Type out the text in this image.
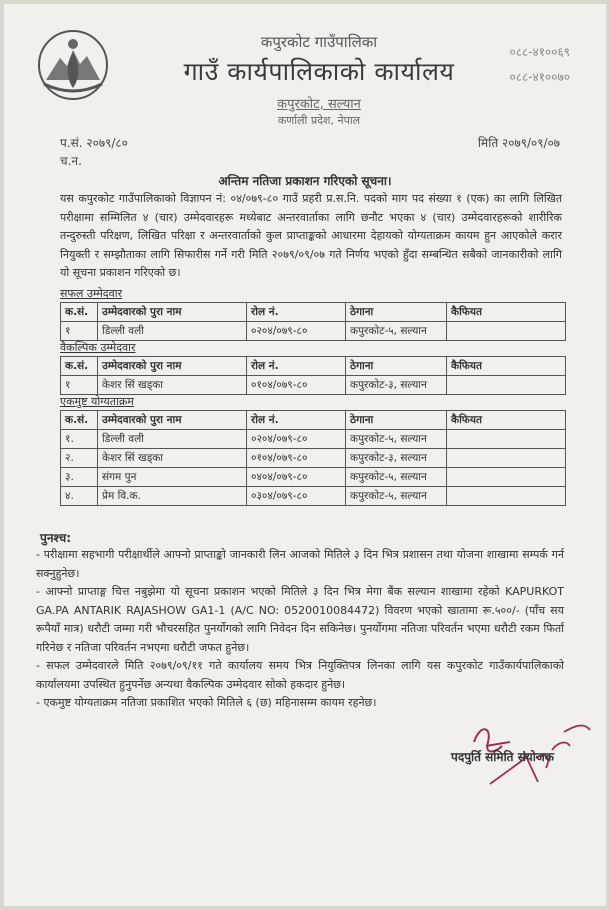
कपुरकोट गाउँपालिका
गाउँ कार्यपालिकाको कार्यालय
कपुरकोट, सल्यान
कर्णाली प्रदेश, नेपाल
०८८-४१००६९
०८८-४१००७०
प.सं. २०७९/८०
च.न.
मिति २०७९/०९/०७
अन्तिम नतिजा प्रकाशन गरिएको सूचना।
यस कपुरकोट गाउँपालिकाको विज्ञापन नं: ०४/०७९-८० गाउँ प्रहरी प्र.स.नि. पदको माग पद संख्या १ (एक) का लागि लिखित परीक्षामा सम्मिलित ४ (चार) उम्मेदवारहरू मध्येबाट अन्तरवार्ताका लागि छनौट भएका ४ (चार) उम्मेदवारहरूको शारीरिक तन्दुरुस्ती परिक्षण, लिखित परिक्षा र अन्तरवार्ताको कुल प्राप्ताङ्कको आधारमा देहायको योग्यताक्रम कायम हुन आएकोले करार नियुक्ती र सम्झौताका लागि सिफारीस गर्ने गरी मिति २०७९/०९/०७ गते निर्णय भएको हुँदा सम्बन्धित सबैको जानकारीको लागि यो सूचना प्रकाशन गरिएको छ।
सफल उम्मेदवार
क.सं.	उम्मेदवारको पुरा नाम	रोल नं.	ठेगाना	कैफियत
१	डिल्ली वली	०२०४/०७९-८०	कपुरकोट-५, सल्यान	
वैकल्पिक उम्मेदवार
क.सं.	उम्मेदवारको पुरा नाम	रोल नं.	ठेगाना	कैफियत
१	केशर सिं खड्का	०१०४/०७९-८०	कपुरकोट-३, सल्यान	
एकमुष्ट योग्यताक्रम
क.सं.	उम्मेदवारको पुरा नाम	रोल नं.	ठेगाना	कैफियत
१.	डिल्ली वली	०२०४/०७९-८०	कपुरकोट-५, सल्यान	
२.	केशर सिं खड्का	०१०४/०७९-८०	कपुरकोट-३, सल्यान	
३.	संगम पुन	०४०४/०७९-८०	कपुरकोट-५, सल्यान	
४.	प्रेम वि.क.	०३०४/०७९-८०	कपुरकोट-५, सल्यान	
पुनश्च:
- परीक्षामा सहभागी परीक्षार्थीले आफ्नो प्राप्ताङ्को जानकारी लिन आजको मितिले ३ दिन भित्र प्रशासन तथा योजना शाखामा सम्पर्क गर्न सक्नुहुनेछ।
- आफ्नो प्राप्ताङ्ग चित्त नबुझेमा यो सूचना प्रकाशन भएको मितिले ३ दिन भित्र मेगा बैंक सल्यान शाखामा रहेको KAPURKOT GA.PA ANTARIK RAJASHOW GA1-1 (A/C NO: 0520010084472) विवरण भएको खातामा रू.५००/- (पाँच सय रूपैयाँ मात्र) धरौटी जम्मा गरी भौचरसहित पुनर्योगको लागि निवेदन दिन सकिनेछ। पुनर्योगमा नतिजा परिवर्तन भएमा धरौटी रकम फिर्ता गरिनेछ र नतिजा परिवर्तन नभएमा धरौटी जफत हुनेछ।
- सफल उम्मेदवारले मिति २०७९/०९/११ गते कार्यालय समय भित्र नियुक्तिपत्र लिनका लागि यस कपुरकोट गाउँकार्यपालिकाको कार्यालयमा उपस्थित हुनुपर्नेछ अन्यथा वैकल्पिक उम्मेदवार सोको हकदार हुनेछ।
- एकमुष्ट योग्यताक्रम नतिजा प्रकाशित भएको मितिले ६ (छ) महिनासम्म कायम रहनेछ।
पदपुर्ति समिति संयोजक
